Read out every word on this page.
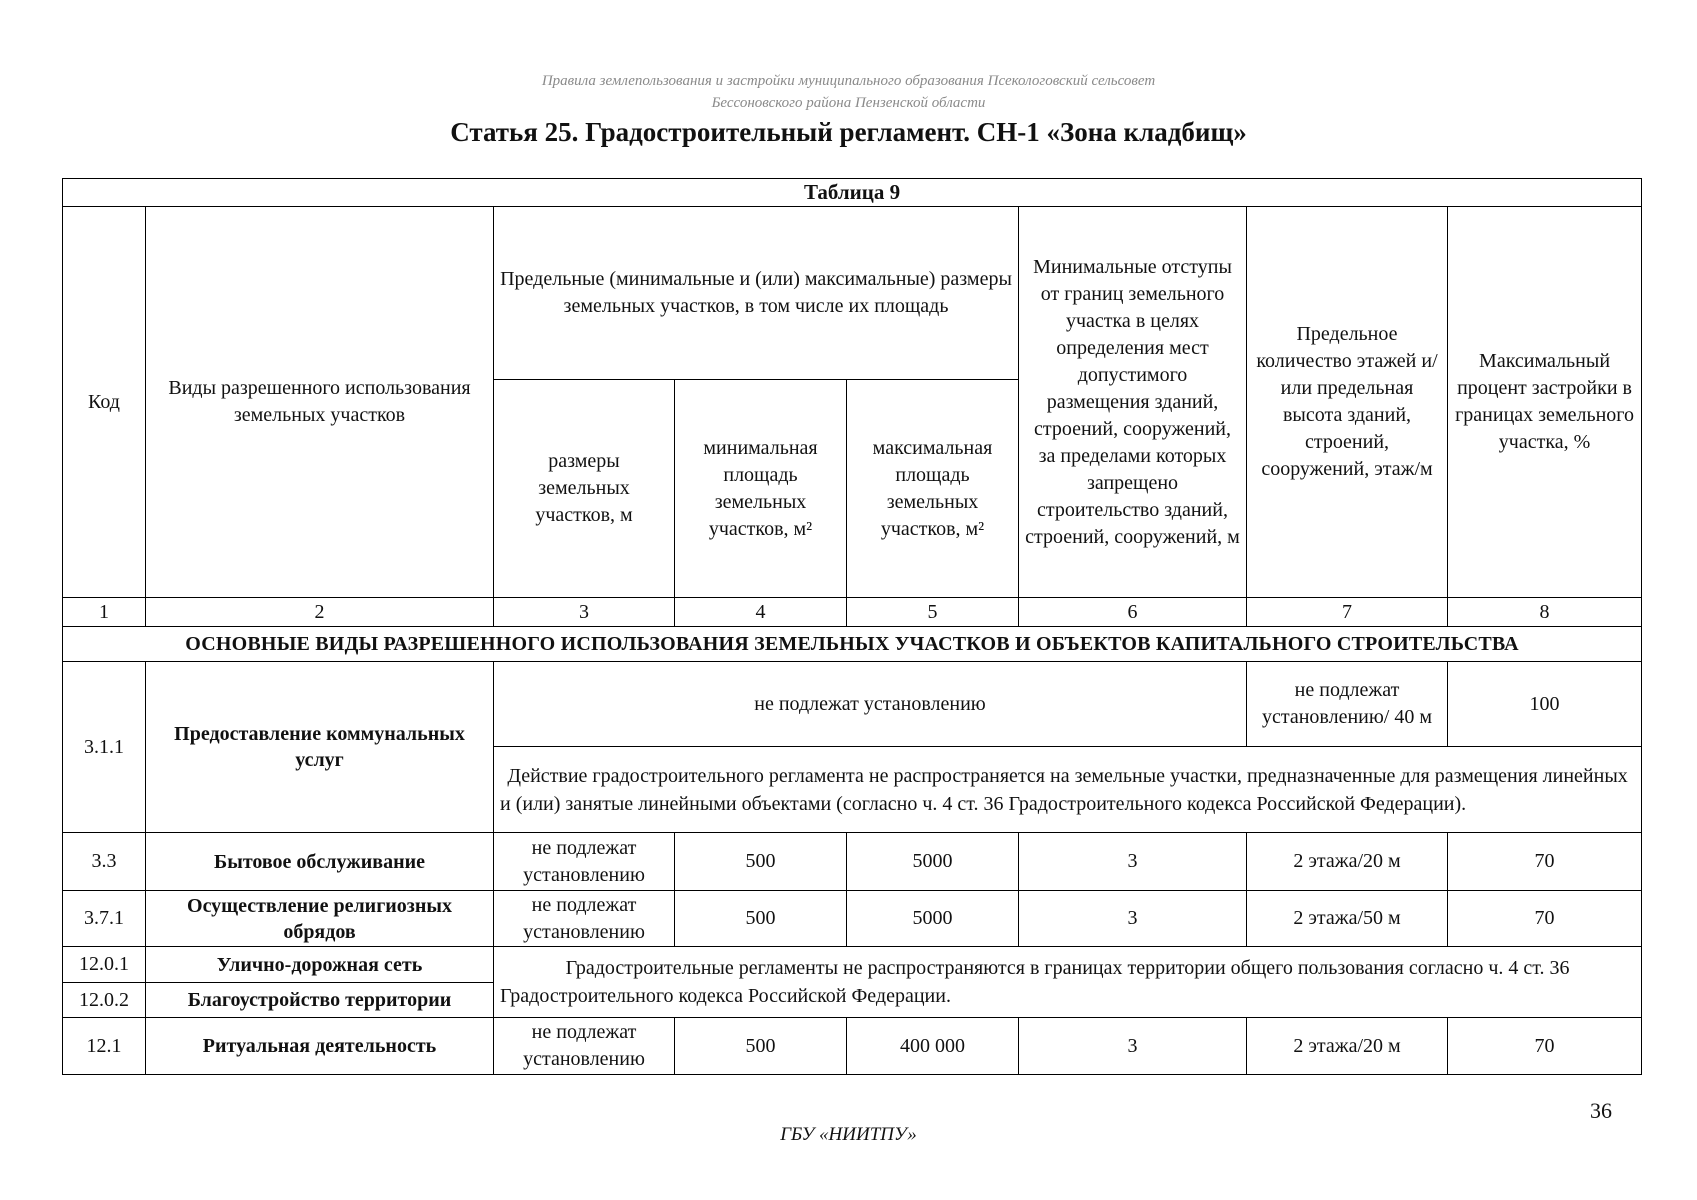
Правила землепользования и застройки муниципального образования Псекологовский сельсовет
Бессоновского района Пензенской области
Статья 25. Градостроительный регламент. СН-1 «Зона кладбищ»
Таблица 9							
Код	Виды разрешенного использования земельных участков	Предельные (минимальные и (или) максимальные) размеры земельных участков, в том числе их площадь			Минимальные отступы от границ земельного участка в целях определения мест допустимого размещения зданий, строений, сооружений, за пределами которых запрещено строительство зданий, строений, сооружений, м	Предельное количество этажей и/или предельная высота зданий, строений, сооружений, этаж/м	Максимальный процент застройки в границах земельного участка, %
		размеры земельных участков, м	минимальная площадь земельных участков, м²	максимальная площадь земельных участков, м²			
1	2	3	4	5	6	7	8
ОСНОВНЫЕ ВИДЫ РАЗРЕШЕННОГО ИСПОЛЬЗОВАНИЯ ЗЕМЕЛЬНЫХ УЧАСТКОВ И ОБЪЕКТОВ КАПИТАЛЬНОГО СТРОИТЕЛЬСТВА							
3.1.1	Предоставление коммунальных услуг	не подлежат установлению				не подлежат установлению/ 40 м	100
		Действие градостроительного регламента не распространяется на земельные участки, предназначенные для размещения линейных и (или) занятые линейными объектами (согласно ч. 4 ст. 36 Градостроительного кодекса Российской Федерации).					
3.3	Бытовое обслуживание	не подлежат установлению	500	5000	3	2 этажа/20 м	70
3.7.1	Осуществление религиозных обрядов	не подлежат установлению	500	5000	3	2 этажа/50 м	70
12.0.1	Улично-дорожная сеть	Градостроительные регламенты не распространяются в границах территории общего пользования согласно ч. 4 ст. 36 Градостроительного кодекса Российской Федерации.					
12.0.2	Благоустройство территории						
12.1	Ритуальная деятельность	не подлежат установлению	500	400 000	3	2 этажа/20 м	70
36
ГБУ «НИИТПУ»
